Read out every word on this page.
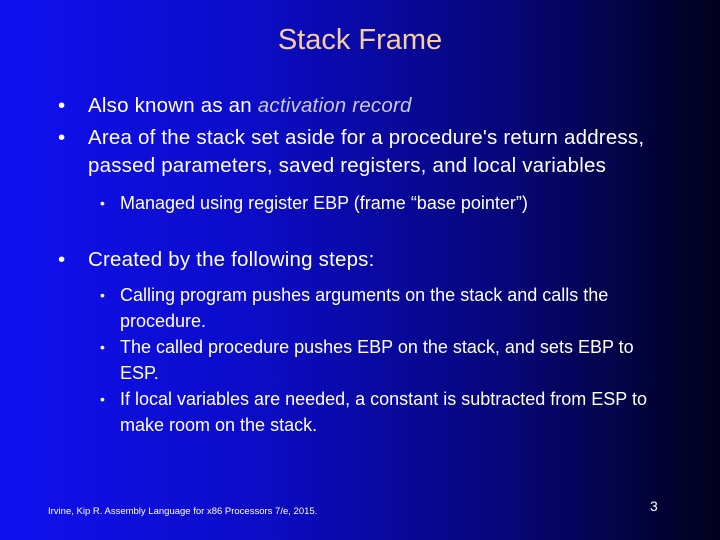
Stack Frame
• Also known as an activation record
• Area of the stack set aside for a procedure's return address, passed parameters, saved registers, and local variables
• Managed using register EBP (frame “base pointer”)
• Created by the following steps:
• Calling program pushes arguments on the stack and calls the procedure.
• The called procedure pushes EBP on the stack, and sets EBP to ESP.
• If local variables are needed, a constant is subtracted from ESP to make room on the stack.
Irvine, Kip R. Assembly Language for x86 Processors 7/e, 2015.	3
